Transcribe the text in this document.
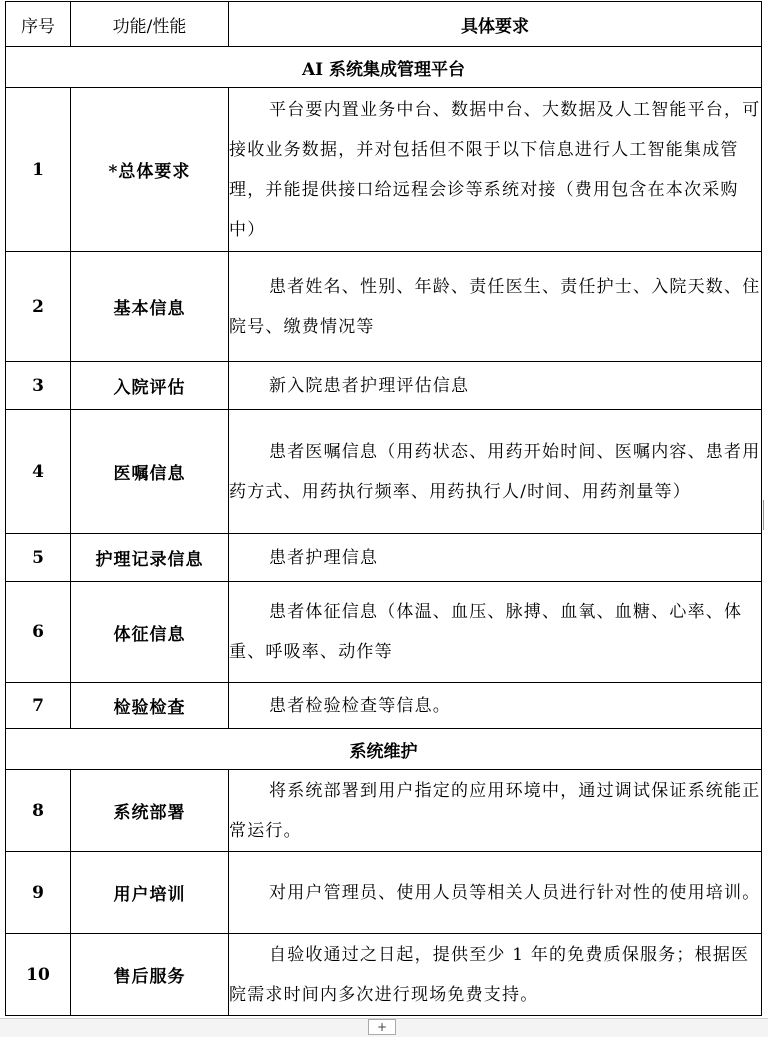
序号	功能/性能	具体要求
AI 系统集成管理平台		
1	*总体要求	平台要内置业务中台、数据中台、大数据及人工智能平台，可接收业务数据，并对包括但不限于以下信息进行人工智能集成管理，并能提供接口给远程会诊等系统对接（费用包含在本次采购中）
2	基本信息	患者姓名、性别、年龄、责任医生、责任护士、入院天数、住院号、缴费情况等
3	入院评估	新入院患者护理评估信息
4	医嘱信息	患者医嘱信息（用药状态、用药开始时间、医嘱内容、患者用药方式、用药执行频率、用药执行人/时间、用药剂量等）
5	护理记录信息	患者护理信息
6	体征信息	患者体征信息（体温、血压、脉搏、血氧、血糖、心率、体重、呼吸率、动作等
7	检验检查	患者检验检查等信息。
系统维护		
8	系统部署	将系统部署到用户指定的应用环境中，通过调试保证系统能正常运行。
9	用户培训	对用户管理员、使用人员等相关人员进行针对性的使用培训。
10	售后服务	自验收通过之日起，提供至少 1 年的免费质保服务；根据医院需求时间内多次进行现场免费支持。
+
